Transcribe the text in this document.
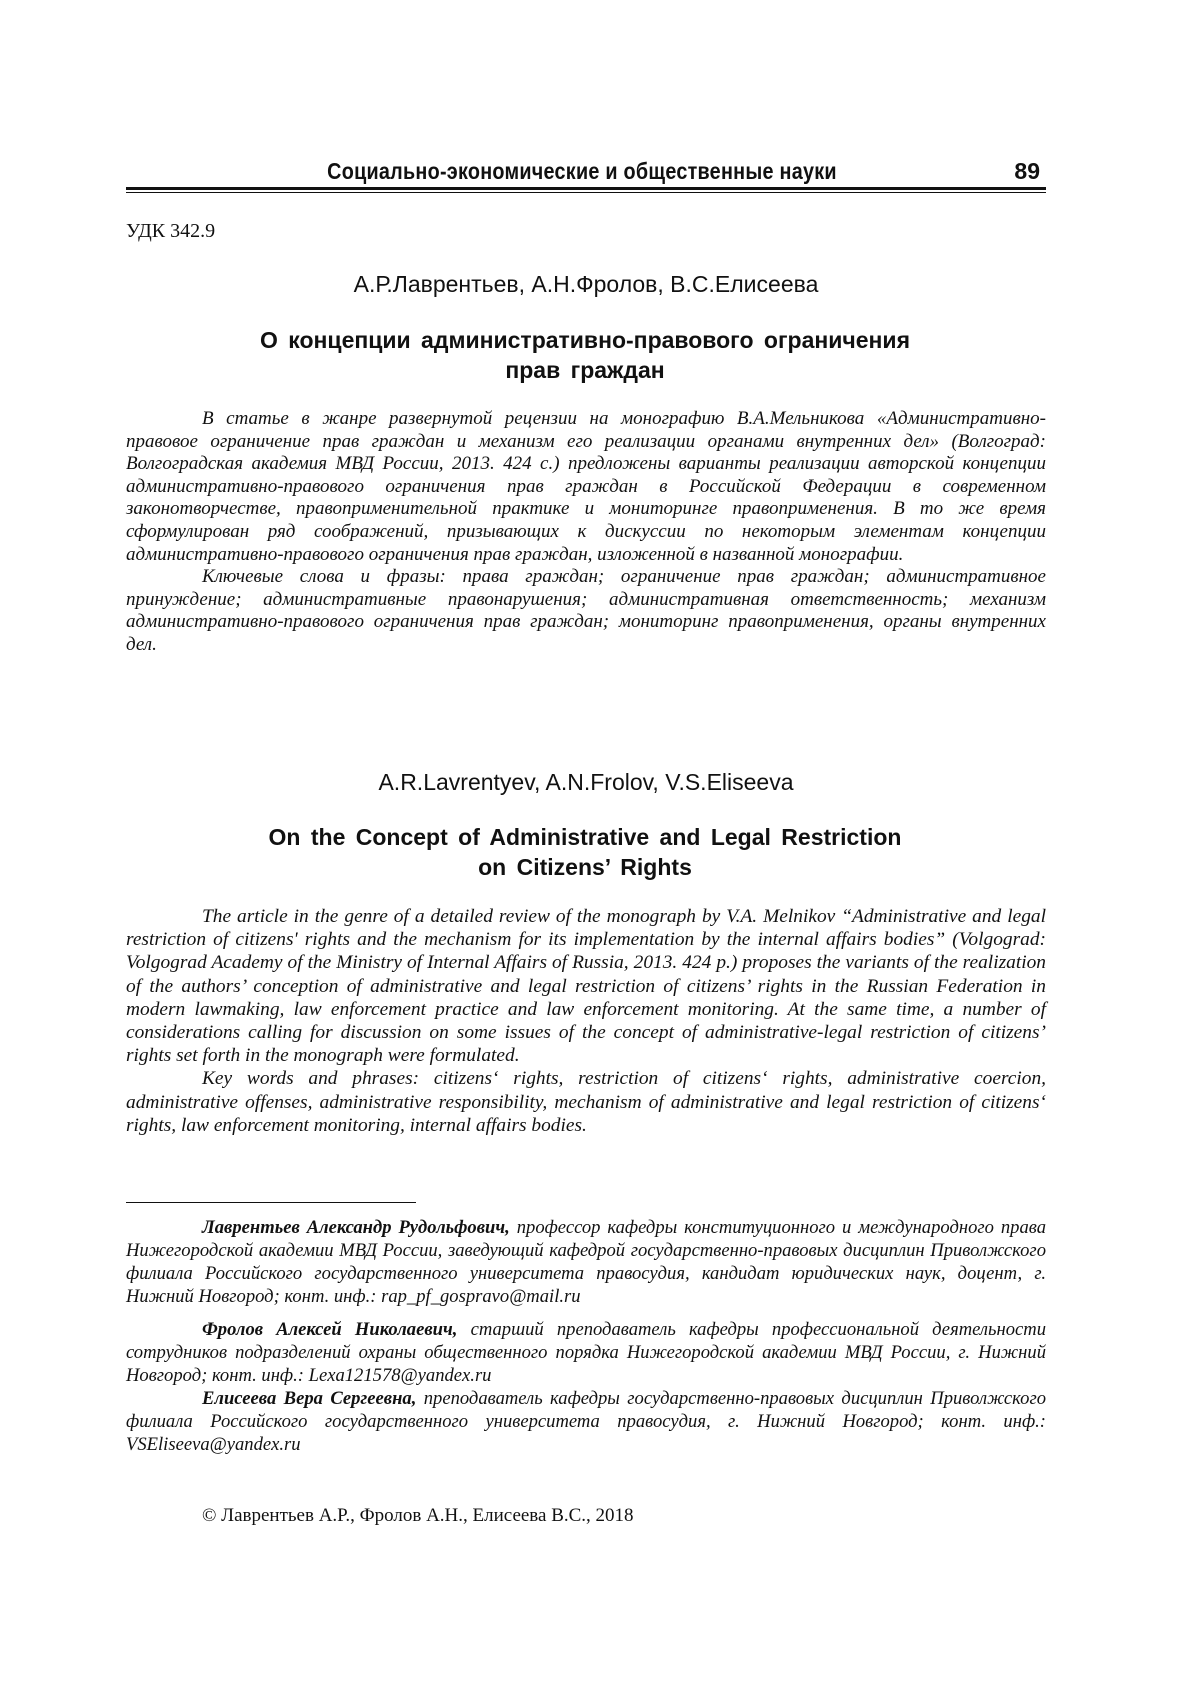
Социально-экономические и общественные науки	89
УДК 342.9
А.Р.Лаврентьев, А.Н.Фролов, В.С.Елисеева
О концепции административно-правового ограничения
прав граждан

В статье в жанре развернутой рецензии на монографию В.А.Мельникова «Административно-правовое ограничение прав граждан и механизм его реализации органами внутренних дел» (Волгоград: Волгоградская академия МВД России, 2013. 424 с.) предложены варианты реализации авторской концепции административно-правового ограничения прав граждан в Российской Федерации в современном законотворчестве, правоприменительной практике и мониторинге правоприменения. В то же время сформулирован ряд соображений, призывающих к дискуссии по некоторым элементам концепции административно-правового ограничения прав граждан, изложенной в названной монографии.

Ключевые слова и фразы: права граждан; ограничение прав граждан; административное принуждение; административные правонарушения; административная ответственность; механизм административно-правового ограничения прав граждан; мониторинг правоприменения, органы внутренних дел.

A.R.Lavrentyev, A.N.Frolov, V.S.Eliseeva
On the Concept of Administrative and Legal Restriction
on Citizens’ Rights

The article in the genre of a detailed review of the monograph by V.A. Melnikov “Administrative and legal restriction of citizens' rights and the mechanism for its implementation by the internal affairs bodies” (Volgograd: Volgograd Academy of the Ministry of Internal Affairs of Russia, 2013. 424 p.) proposes the variants of the realization of the authors’ conception of administrative and legal restriction of citizens’ rights in the Russian Federation in modern lawmaking, law enforcement practice and law enforcement monitoring. At the same time, a number of considerations calling for discussion on some issues of the concept of administrative-legal restriction of citizens’ rights set forth in the monograph were formulated.

Key words and phrases: citizens‘ rights, restriction of citizens‘ rights, administrative coercion, administrative offenses, administrative responsibility, mechanism of administrative and legal restriction of citizens‘ rights, law enforcement monitoring, internal affairs bodies.

Лаврентьев Александр Рудольфович, профессор кафедры конституционного и международного права Нижегородской академии МВД России, заведующий кафедрой государственно-правовых дисциплин Приволжского филиала Российского государственного университета правосудия, кандидат юридических наук, доцент, г. Нижний Новгород; конт. инф.: rap_pf_gospravo@mail.ru

Фролов Алексей Николаевич, старший преподаватель кафедры профессиональной деятельности сотрудников подразделений охраны общественного порядка Нижегородской академии МВД России, г. Нижний Новгород; конт. инф.: Lexa121578@yandex.ru

Елисеева Вера Сергеевна, преподаватель кафедры государственно-правовых дисциплин Приволжского филиала Российского государственного университета правосудия, г. Нижний Новгород; конт. инф.: VSEliseeva@yandex.ru

© Лаврентьев А.Р., Фролов А.Н., Елисеева В.С., 2018
